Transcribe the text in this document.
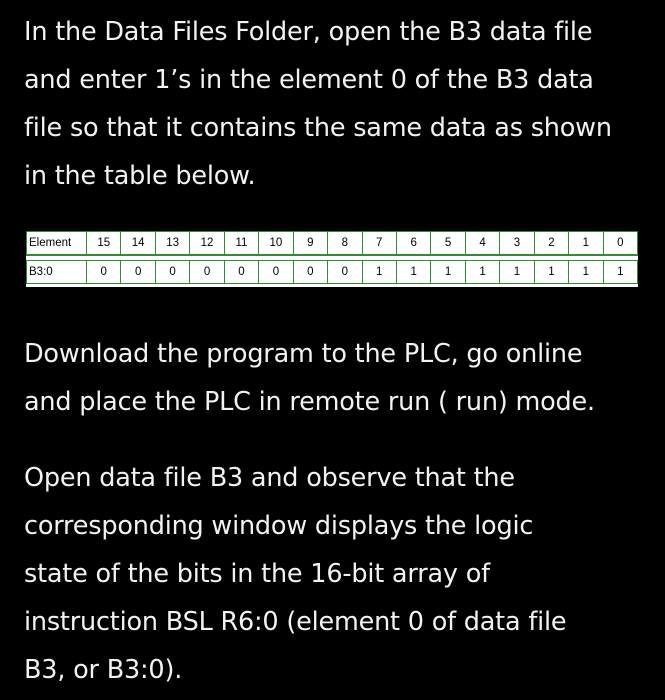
In the Data Files Folder, open the B3 data file
and enter 1’s in the element 0 of the B3 data
file so that it contains the same data as shown
in the table below.

Element	15	14	13	12	11	10	9	8	7	6	5	4	3	2	1	0

B3:0	0	0	0	0	0	0	0	0	1	1	1	1	1	1	1	1

Download the program to the PLC, go online
and place the PLC in remote run ( run) mode.

Open data file B3 and observe that the
corresponding window displays the logic
state of the bits in the 16-bit array of
instruction BSL R6:0 (element 0 of data file
B3, or B3:0).
